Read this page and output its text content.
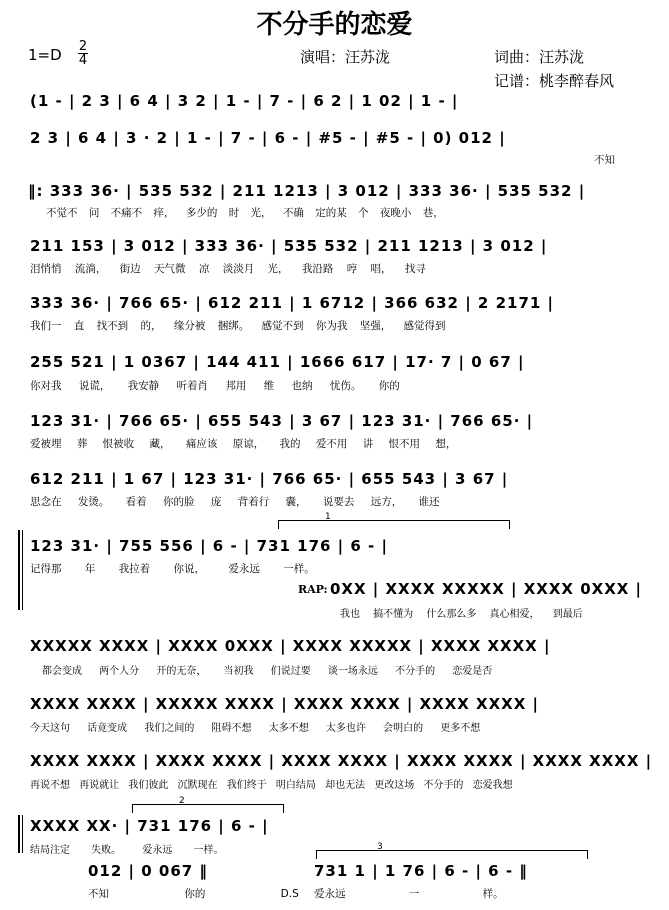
不分手的恋爱
1=D 2
4	演唱：汪苏泷	词曲：汪苏泷
记谱：桃李醉春风
(1 - | 2 3 | 6 4 | 3 2 | 1 - | 7 - | 6 2 | 1 02 | 1 - |
2 3 | 6 4 | 3 · 2 | 1 - | 7 - | 6 - | #5 - | #5 - | 0) 012 |
不知
‖: 333 36· | 535 532 | 211 1213 | 3 012 | 333 36· | 535 532 |
不觉不 问 不痛不 痒， 多少的 时 光， 不确 定的某 个 夜晚小 巷，
211 153 | 3 012 | 333 36· | 535 532 | 211 1213 | 3 012 |
泪悄悄 流淌， 街边 天气微 凉 淡淡月 光， 我沿路 哼 唱， 找寻
333 36· | 766 65· | 612 211 | 1 6712 | 366 632 | 2 2171 |
我们一 直 找不到 的， 缘分被 捆绑。 感觉不到 你为我 坚强， 感觉得到
255 521 | 1 0367 | 144 411 | 1666 617 | 17· 7 | 0 67 |
你对我 说谎， 我安静 听着肖 邦用 维 也纳 忧伤。 你的
123 31· | 766 65· | 655 543 | 3 67 | 123 31· | 766 65· |
爱被埋 葬 恨被收 藏， 痛应该 原谅， 我的 爱不用 讲 恨不用 想，
612 211 | 1 67 | 123 31· | 766 65· | 655 543 | 3 67 |
思念在 发烫。 看着 你的脸 庞 背着行 囊， 说要去 远方， 谁还
1
123 31· | 755 556 | 6 - | 731 176 | 6 - |
记得那 年 我拉着 你说， 爱永远 一样。
RAP: 0XX | XXXX XXXXX | XXXX 0XXX |
我也 搞不懂为 什么那么多 真心相爱， 到最后
XXXXX XXXX | XXXX 0XXX | XXXX XXXXX | XXXX XXXX |
都会变成 两个人分 开的无奈， 当初我 们说过要 谈一场永远 不分手的 恋爱是否
XXXX XXXX | XXXXX XXXX | XXXX XXXX | XXXX XXXX |
今天这句 话竟变成 我们之间的 阻碍不想 太多不想 太多也许 会明白的 更多不想
XXXX XXXX | XXXX XXXX | XXXX XXXX | XXXX XXXX | XXXX XXXX |
再说不想 再说就让 我们彼此 沉默现在 我们终于 明白结局 却也无法 更改这场 不分手的 恋爱我想
2
XXXX XX· | 731 176 | 6 - |
结局注定 失败。 爱永远 一样。
012 | 0 067 ‖
不知 你的 D.S
3
731 1 | 1 76 | 6 - | 6 - ‖
爱永远 一 样。
